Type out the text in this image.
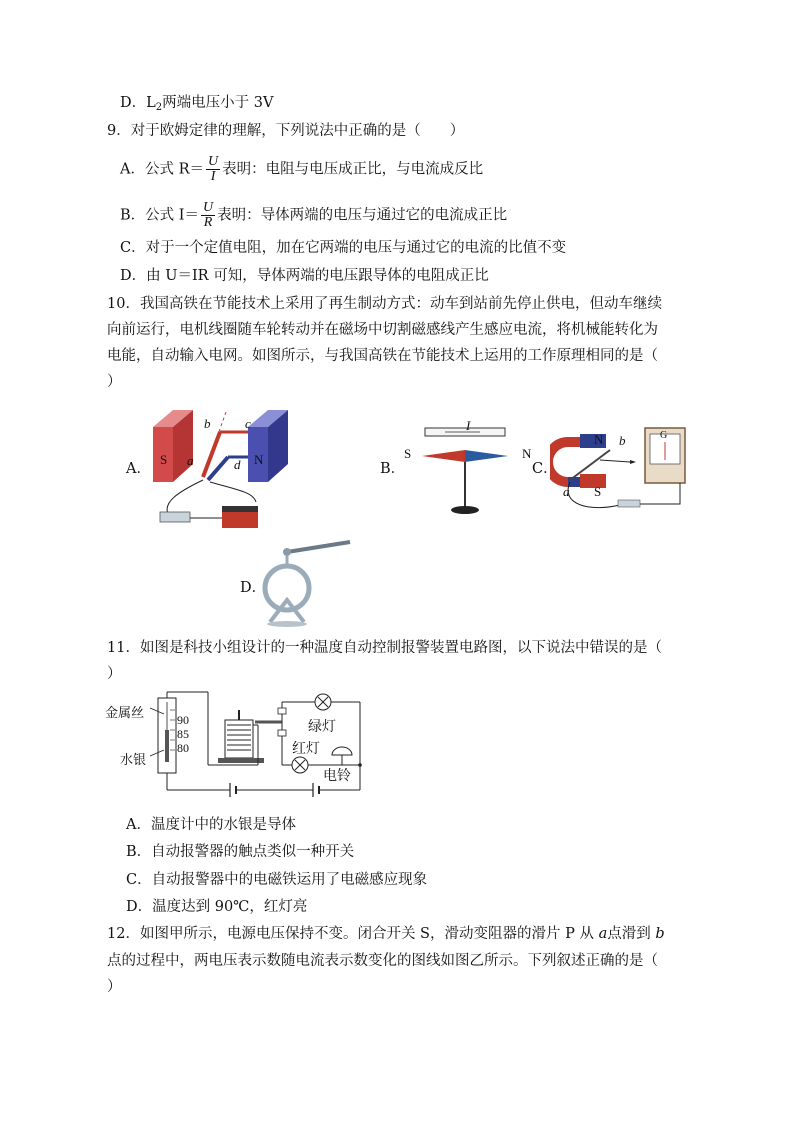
D．$L_2$两端电压小于 3V
9．对于欧姆定律的理解，下列说法中正确的是（　　）
A．公式 $R= \frac{U}{I}$ 表明：电阻与电压成正比，与电流成反比
B．公式 $I= \frac{U}{R}$ 表明：导体两端的电压与通过它的电流成正比
C．对于一个定值电阻，加在它两端的电压与通过它的电流的比值不变
D．由 U＝IR 可知，导体两端的电压跟导体的电阻成正比
10．我国高铁在节能技术上采用了再生制动方式：动车到站前先停止供电，但动车继续
向前运行，电机线圈随车轮转动并在磁场中切割磁感线产生感应电流，将机械能转化为
电能，自动输入电网。如图所示，与我国高铁在节能技术上运用的工作原理相同的是（
）
A．	B．	C．
D．
S	N
a
b	c
d
S	N
I
N
S
a
b	G
11．如图是科技小组设计的一种温度自动控制报警装置电路图，以下说法中错误的是（
）
金属丝
水银
90
85
80
绿灯
红灯
电铃
A．温度计中的水银是导体
B．自动报警器的触点类似一种开关
C．自动报警器中的电磁铁运用了电磁感应现象
D．温度达到 90℃，红灯亮
12．如图甲所示，电源电压保持不变。闭合开关 S，滑动变阻器的滑片 P 从 a点滑到 b
点的过程中，两电压表示数随电流表示数变化的图线如图乙所示。下列叙述正确的是（
）
